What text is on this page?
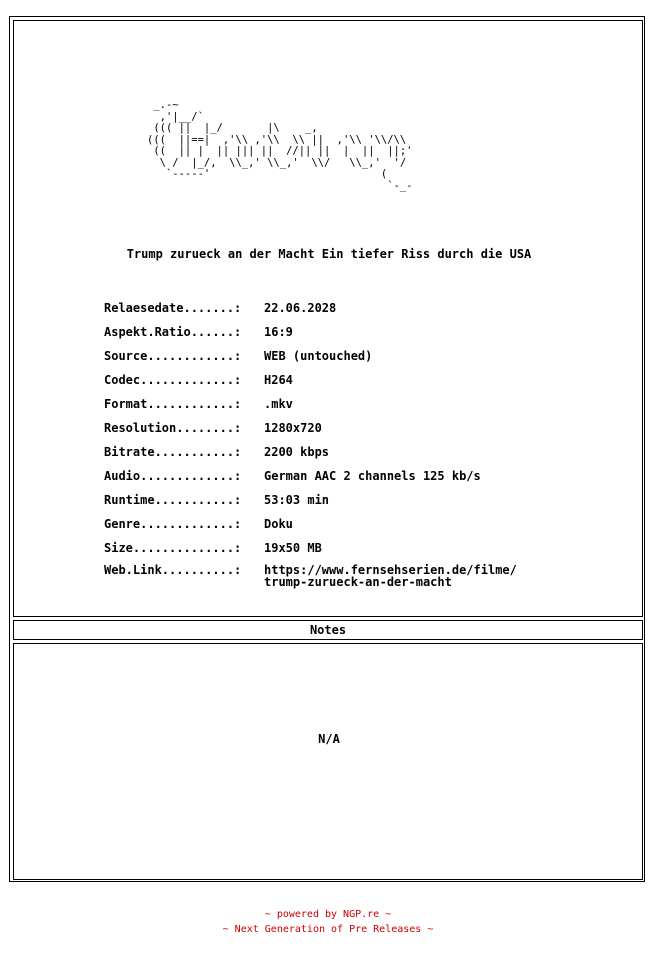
_.-~
,'|__/`
((( ||  |_/       |\    _,
(((  ||==|  ,'\\ ,'\\  \\ ||  ,'\\ '\\/\\
((  || |  || ||| ||  //|| ||  |  ||  ||;'
\ /  |_/,  \\_,' \\_,'  \\/   \\_,'  '/
`-----'                           (
`-_-
Trump zurueck an der Macht Ein tiefer Riss durch die USA
Relaesedate.......:	22.06.2028
Aspekt.Ratio......:	16:9
Source............:	WEB (untouched)
Codec.............:	H264
Format............:	.mkv
Resolution........:	1280x720
Bitrate...........:	2200 kbps
Audio.............:	German AAC 2 channels 125 kb/s
Runtime...........:	53:03 min
Genre.............:	Doku
Size..............:	19x50 MB
Web.Link..........:	https://www.fernsehserien.de/filme/
trump-zurueck-an-der-macht
Notes
N/A
~ powered by NGP.re ~
~ Next Generation of Pre Releases ~
